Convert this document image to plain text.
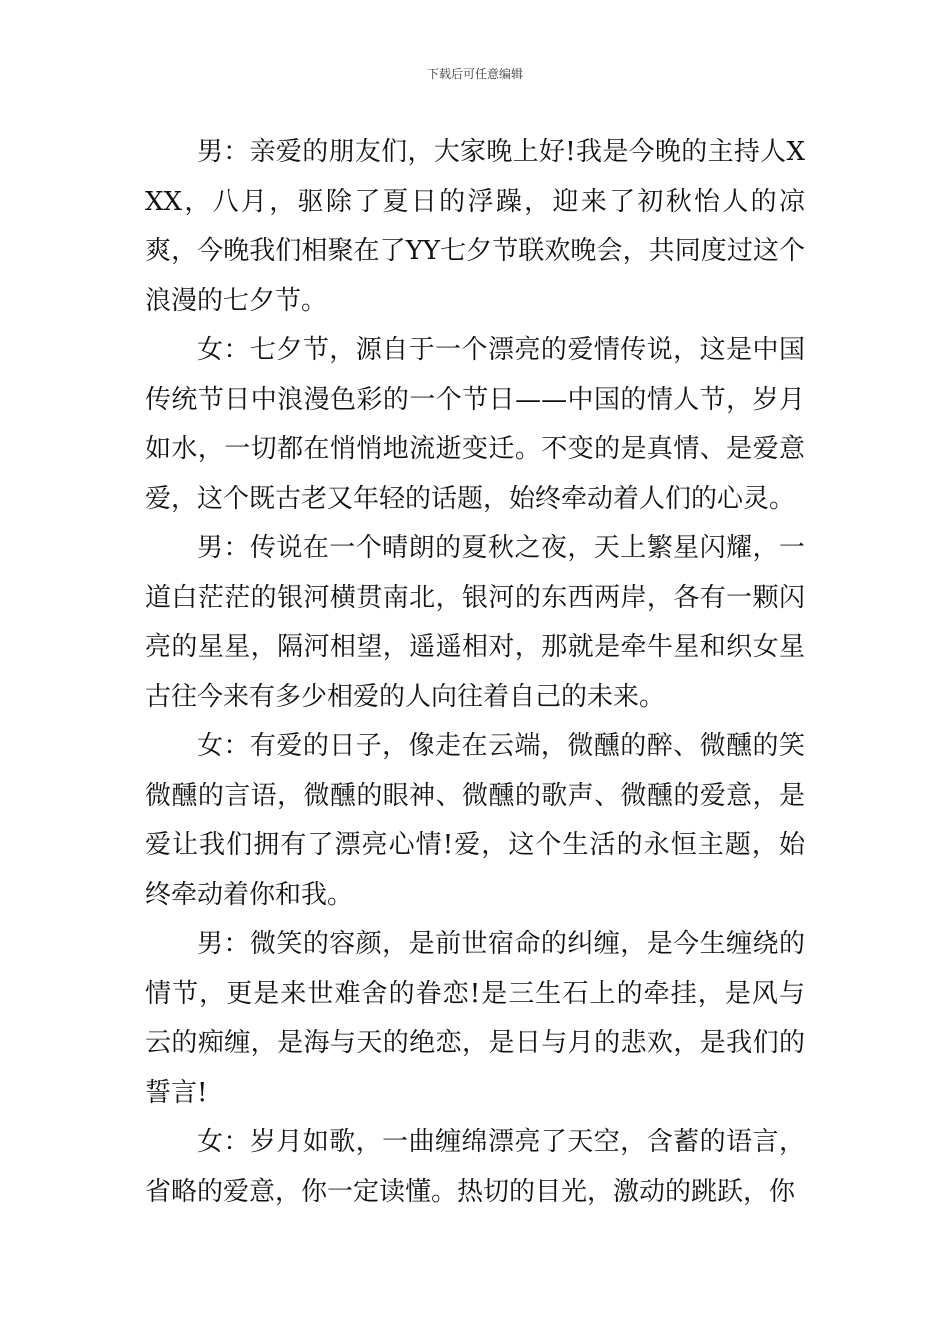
下载后可任意编辑

男：亲爱的朋友们，大家晚上好!我是今晚的主持人XXX，八月，驱除了夏日的浮躁，迎来了初秋怡人的凉爽，今晚我们相聚在了YY七夕节联欢晚会，共同度过这个浪漫的七夕节。

女：七夕节，源自于一个漂亮的爱情传说，这是中国传统节日中浪漫色彩的一个节日——中国的情人节，岁月如水，一切都在悄悄地流逝变迁。不变的是真情、是爱意爱，这个既古老又年轻的话题，始终牵动着人们的心灵。

男：传说在一个晴朗的夏秋之夜，天上繁星闪耀，一道白茫茫的银河横贯南北，银河的东西两岸，各有一颗闪亮的星星，隔河相望，遥遥相对，那就是牵牛星和织女星古往今来有多少相爱的人向往着自己的未来。

女：有爱的日子，像走在云端，微醺的醉、微醺的笑微醺的言语，微醺的眼神、微醺的歌声、微醺的爱意，是爱让我们拥有了漂亮心情!爱，这个生活的永恒主题，始终牵动着你和我。

男：微笑的容颜，是前世宿命的纠缠，是今生缠绕的情节，更是来世难舍的眷恋!是三生石上的牵挂，是风与云的痴缠，是海与天的绝恋，是日与月的悲欢，是我们的誓言!

女：岁月如歌，一曲缠绵漂亮了天空，含蓄的语言，省略的爱意，你一定读懂。热切的目光，激动的跳跃，你
